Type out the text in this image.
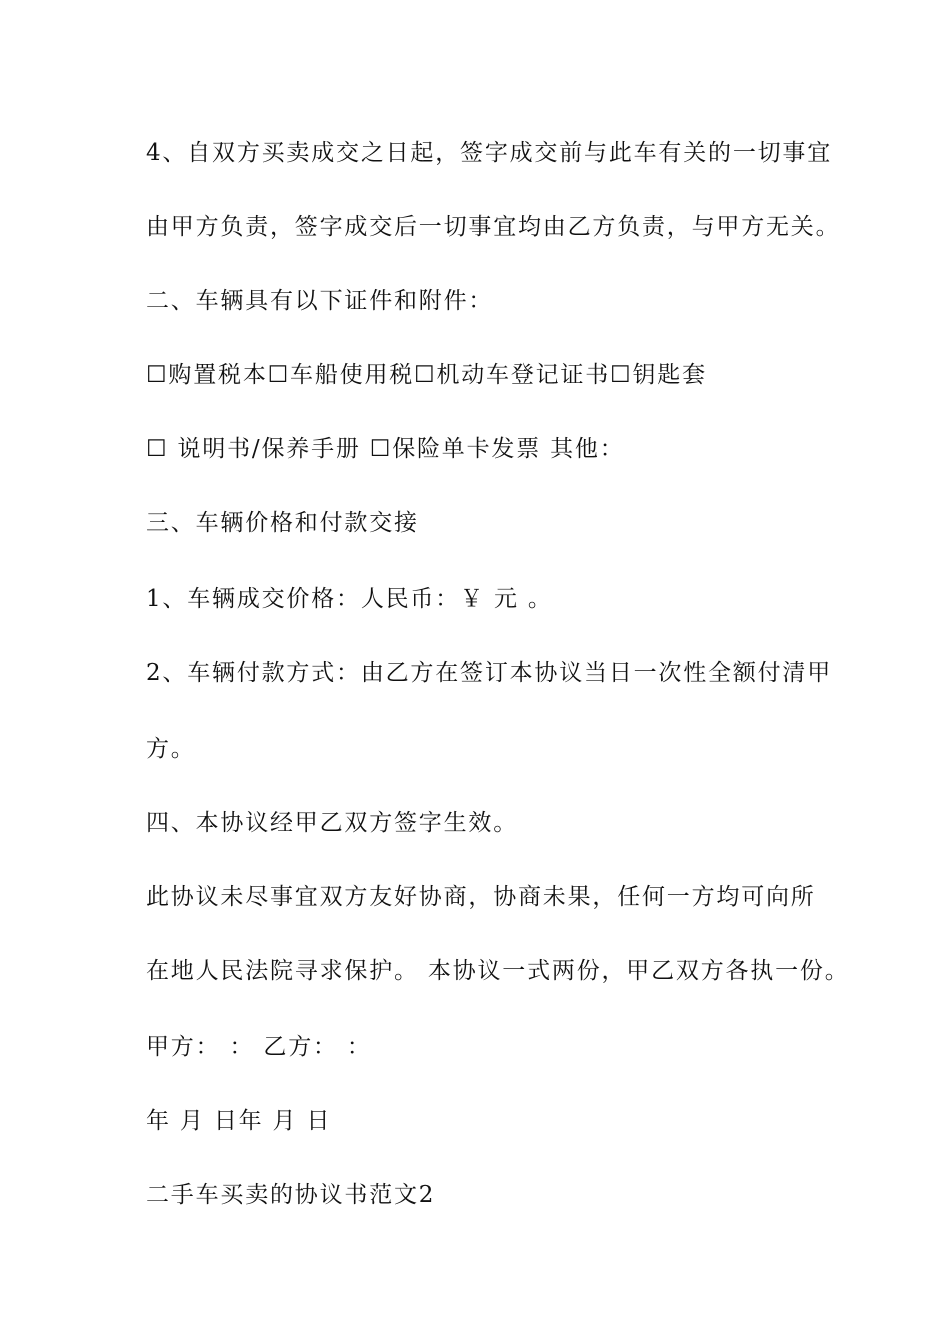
4、自双方买卖成交之日起，签字成交前与此车有关的一切事宜
由甲方负责，签字成交后一切事宜均由乙方负责，与甲方无关。
二、车辆具有以下证件和附件：
☐购置税本☐车船使用税☐机动车登记证书☐钥匙套
☐ 说明书/保养手册 ☐保险单卡发票 其他：
三、车辆价格和付款交接
1、车辆成交价格：人民币：￥ 元 。
2、车辆付款方式：由乙方在签订本协议当日一次性全额付清甲
方。
四、本协议经甲乙双方签字生效。
此协议未尽事宜双方友好协商，协商未果，任何一方均可向所
在地人民法院寻求保护。 本协议一式两份，甲乙双方各执一份。
甲方： ： 乙方： ：
年 月 日年 月 日
二手车买卖的协议书范文2
